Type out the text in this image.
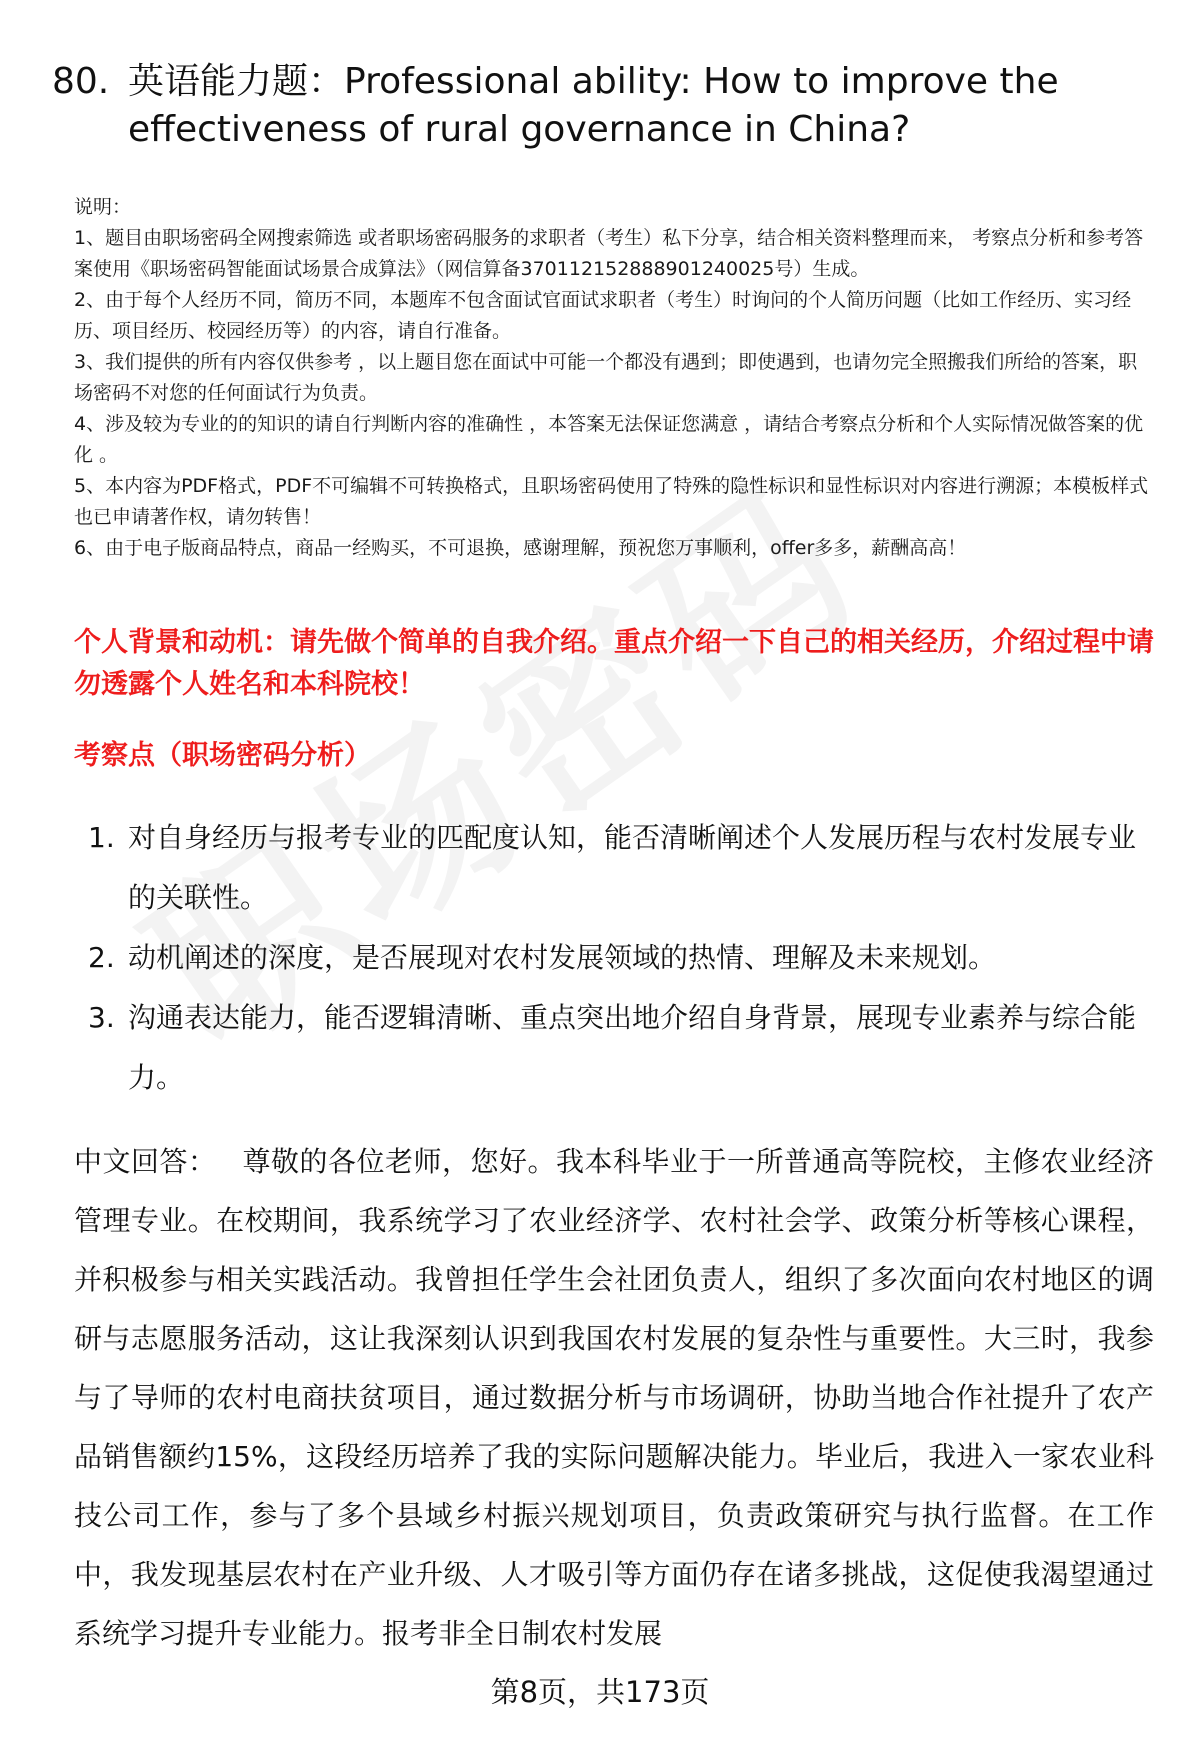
80. 英语能力题：Professional ability: How to improve the effectiveness of rural governance in China?

说明：

1、题目由职场密码全网搜索筛选 或者职场密码服务的求职者（考生）私下分享，结合相关资料整理而来， 考察点分析和参考答案使用《职场密码智能面试场景合成算法》（网信算备370112152888901240025号）生成。

2、由于每个人经历不同，简历不同，本题库不包含面试官面试求职者（考生）时询问的个人简历问题（比如工作经历、实习经历、项目经历、校园经历等）的内容，请自行准备。

3、我们提供的所有内容仅供参考 ，以上题目您在面试中可能一个都没有遇到；即使遇到，也请勿完全照搬我们所给的答案，职场密码不对您的任何面试行为负责。

4、涉及较为专业的的知识的请自行判断内容的准确性 ，本答案无法保证您满意 ，请结合考察点分析和个人实际情况做答案的优化 。

5、本内容为PDF格式，PDF不可编辑不可转换格式，且职场密码使用了特殊的隐性标识和显性标识对内容进行溯源；本模板样式也已申请著作权，请勿转售！

6、由于电子版商品特点，商品一经购买，不可退换，感谢理解，预祝您万事顺利，offer多多，薪酬高高！

个人背景和动机：请先做个简单的自我介绍。重点介绍一下自己的相关经历，介绍过程中请勿透露个人姓名和本科院校！
考察点（职场密码分析）
1. 对自身经历与报考专业的匹配度认知，能否清晰阐述个人发展历程与农村发展专业的关联性。
2. 动机阐述的深度，是否展现对农村发展领域的热情、理解及未来规划。
3. 沟通表达能力，能否逻辑清晰、重点突出地介绍自身背景，展现专业素养与综合能力。

中文回答： 尊敬的各位老师，您好。我本科毕业于一所普通高等院校，主修农业经济管理专业。在校期间，我系统学习了农业经济学、农村社会学、政策分析等核心课程，并积极参与相关实践活动。我曾担任学生会社团负责人，组织了多次面向农村地区的调研与志愿服务活动，这让我深刻认识到我国农村发展的复杂性与重要性。大三时，我参与了导师的农村电商扶贫项目，通过数据分析与市场调研，协助当地合作社提升了农产品销售额约15%，这段经历培养了我的实际问题解决能力。毕业后，我进入一家农业科技公司工作，参与了多个县域乡村振兴规划项目，负责政策研究与执行监督。在工作中，我发现基层农村在产业升级、人才吸引等方面仍存在诸多挑战，这促使我渴望通过系统学习提升专业能力。报考非全日制农村发展

第8页，共173页
